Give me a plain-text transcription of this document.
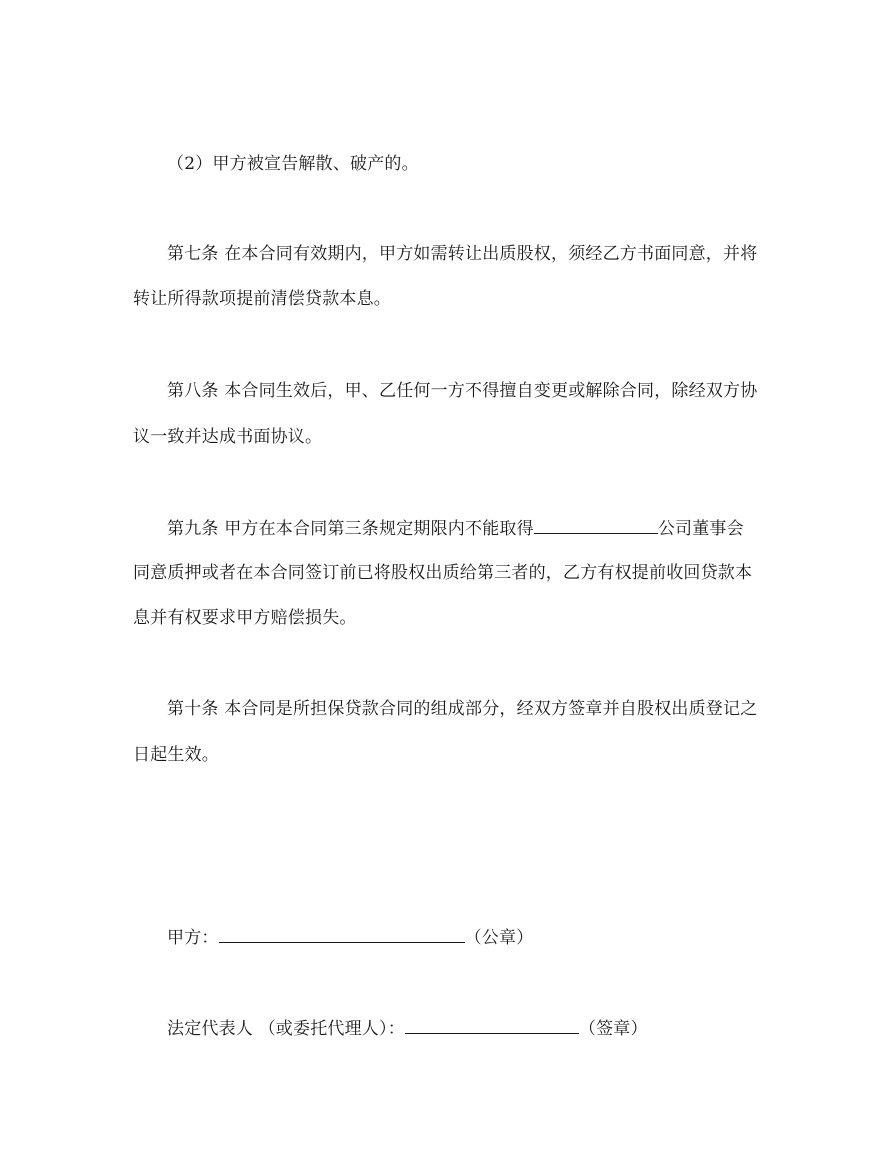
（2）甲方被宣告解散、破产的。
第七条 在本合同有效期内，甲方如需转让出质股权，须经乙方书面同意，并将
转让所得款项提前清偿贷款本息。
第八条 本合同生效后，甲、乙任何一方不得擅自变更或解除合同，除经双方协
议一致并达成书面协议。
第九条 甲方在本合同第三条规定期限内不能取得	公司董事会
同意质押或者在本合同签订前已将股权出质给第三者的，乙方有权提前收回贷款本
息并有权要求甲方赔偿损失。
第十条 本合同是所担保贷款合同的组成部分，经双方签章并自股权出质登记之
日起生效。
甲方：	（公章）
法定代表人 （或委托代理人）：	（签章）
